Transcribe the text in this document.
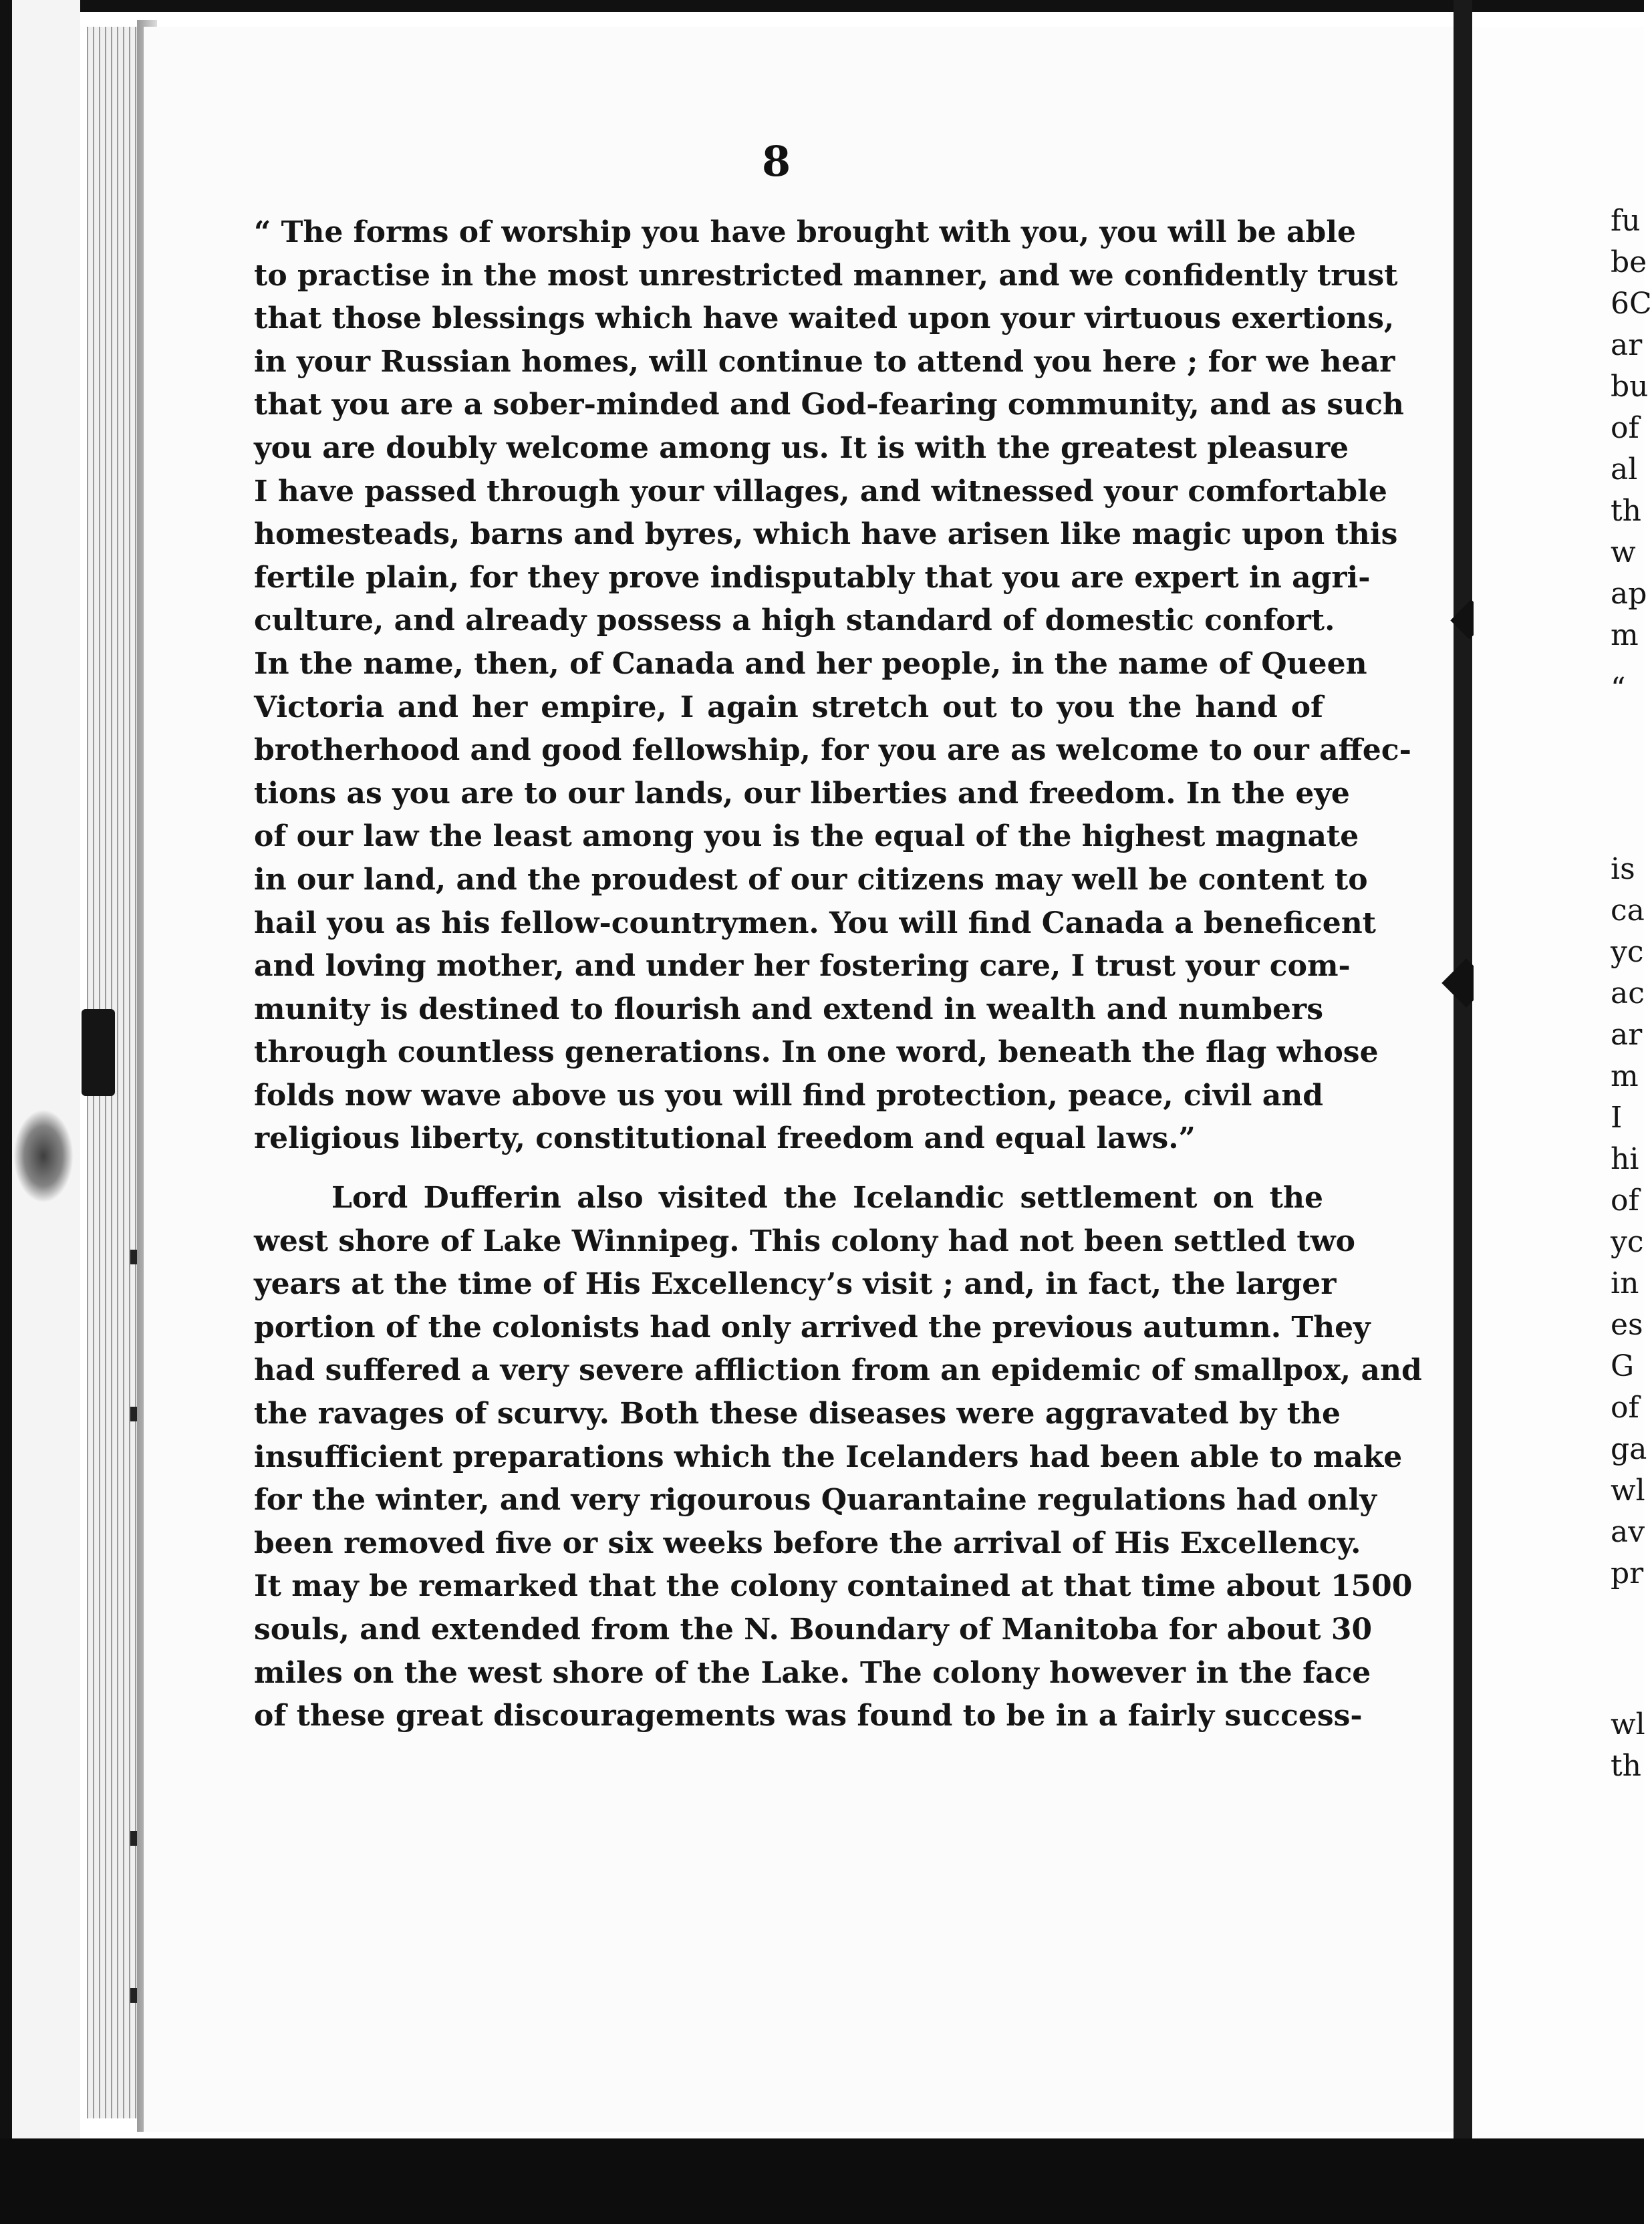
8
“ The forms of worship you have brought with you, you will be able
to practise in the most unrestricted manner, and we confidently trust
that those blessings which have waited upon your virtuous exertions,
in your Russian homes, will continue to attend you here ; for we hear
that you are a sober-minded and God-fearing community, and as such
you are doubly welcome among us. It is with the greatest pleasure
I have passed through your villages, and witnessed your comfortable
homesteads, barns and byres, which have arisen like magic upon this
fertile plain, for they prove indisputably that you are expert in agri-
culture, and already possess a high standard of domestic confort.
In the name, then, of Canada and her people, in the name of Queen
Victoria and her empire, I again stretch out to you the hand of
brotherhood and good fellowship, for you are as welcome to our affec-
tions as you are to our lands, our liberties and freedom. In the eye
of our law the least among you is the equal of the highest magnate
in our land, and the proudest of our citizens may well be content to
hail you as his fellow-countrymen. You will find Canada a beneficent
and loving mother, and under her fostering care, I trust your com-
munity is destined to flourish and extend in wealth and numbers
through countless generations. In one word, beneath the flag whose
folds now wave above us you will find protection, peace, civil and
religious liberty, constitutional freedom and equal laws.”
Lord Dufferin also visited the Icelandic settlement on the
west shore of Lake Winnipeg. This colony had not been settled two
years at the time of His Excellency’s visit ; and, in fact, the larger
portion of the colonists had only arrived the previous autumn. They
had suffered a very severe affliction from an epidemic of smallpox, and
the ravages of scurvy. Both these diseases were aggravated by the
insufficient preparations which the Icelanders had been able to make
for the winter, and very rigourous Quarantaine regulations had only
been removed five or six weeks before the arrival of His Excellency.
It may be remarked that the colony contained at that time about 1500
souls, and extended from the N. Boundary of Manitoba for about 30
miles on the west shore of the Lake. The colony however in the face
of these great discouragements was found to be in a fairly success-
fu
be
6C
ar
bu
of
al
th
w
ap
m
“
is
ca
yc
ac
ar
m
I
hi
of
yc
in
es
G
of
ga
wl
av
pr
wl
th
